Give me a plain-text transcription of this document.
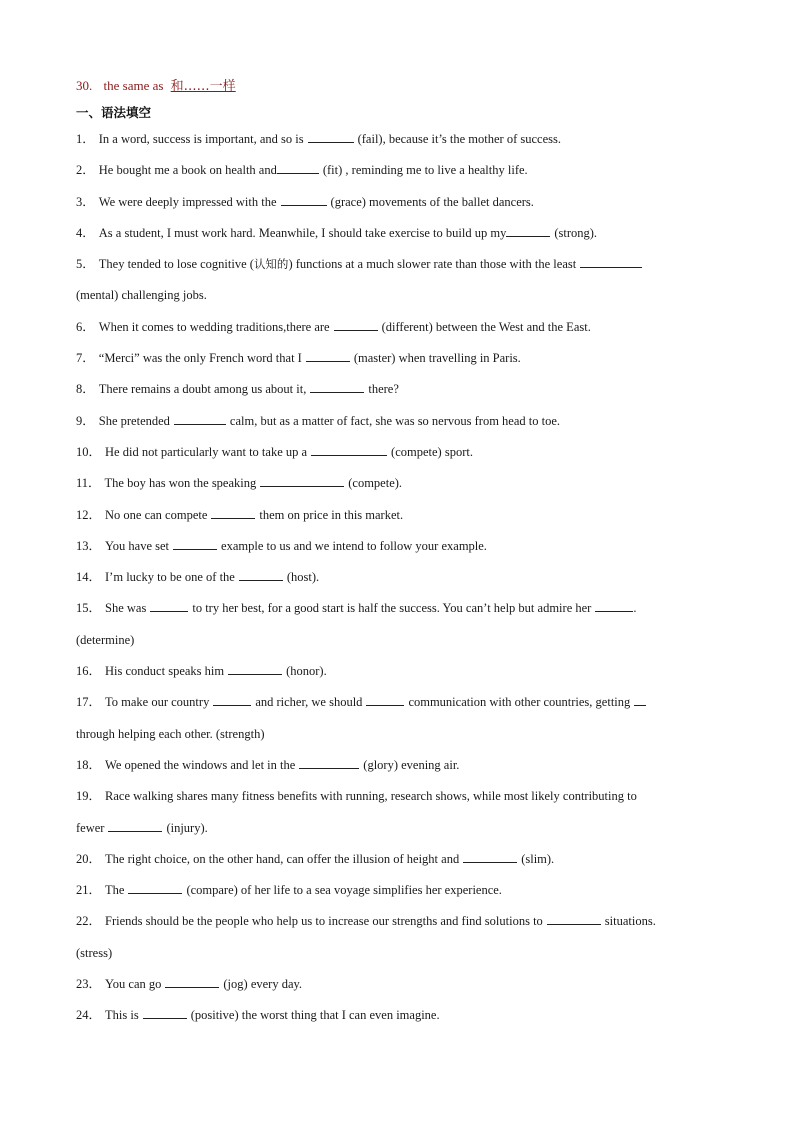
30. the same as 和……一样
一、语法填空
1． In a word, success is important, and so is	(fail), because it’s the mother of success.
2． He bought me a book on health and	(fit) , reminding me to live a healthy life.
3． We were deeply impressed with the	(grace) movements of the ballet dancers.
4． As a student, I must work hard. Meanwhile, I should take exercise to build up my	(strong).
5． They tended to lose cognitive (认知的) functions at a much slower rate than those with the least
(mental) challenging jobs.
6． When it comes to wedding traditions,there are	(different) between the West and the East.
7． “Merci” was the only French word that I	(master) when travelling in Paris.
8． There remains a doubt among us about it,	there?
9． She pretended	calm, but as a matter of fact, she was so nervous from head to toe.
10． He did not particularly want to take up a	(compete) sport.
11． The boy has won the speaking	(compete).
12． No one can compete	them on price in this market.
13． You have set	example to us and we intend to follow your example.
14． I’m lucky to be one of the	(host).
15． She was	to try her best, for a good start is half the success. You can’t help but admire her	.
(determine)
16． His conduct speaks him	(honor).
17． To make our country	and richer, we should	communication with other countries, getting
through helping each other. (strength)
18． We opened the windows and let in the	(glory) evening air.
19． Race walking shares many fitness benefits with running, research shows, while most likely contributing to
fewer	(injury).
20． The right choice, on the other hand, can offer the illusion of height and	(slim).
21． The	(compare) of her life to a sea voyage simplifies her experience.
22． Friends should be the people who help us to increase our strengths and find solutions to	situations.
(stress)
23． You can go	(jog) every day.
24． This is	(positive) the worst thing that I can even imagine.
